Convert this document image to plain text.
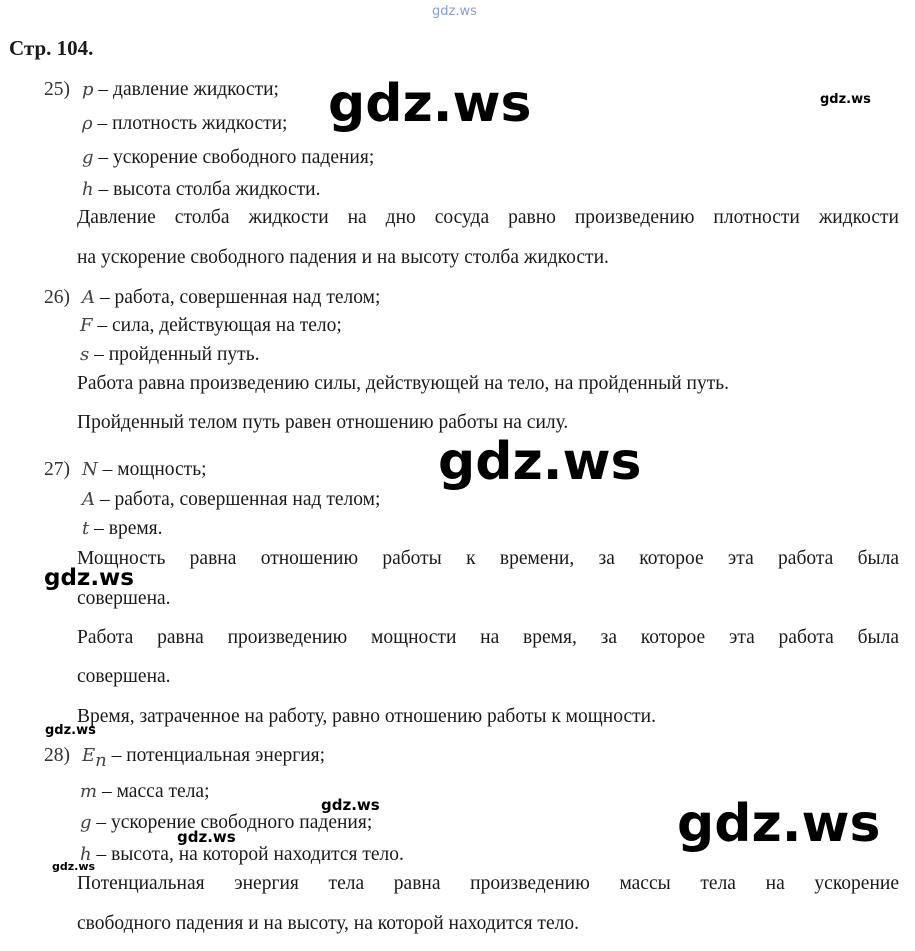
gdz.ws
Стр. 104.
25) p – давление жидкости;
ρ – плотность жидкости;
g – ускорение свободного падения;
h – высота столба жидкости.
Давление столба жидкости на дно сосуда равно произведению плотности жидкости
на ускорение свободного падения и на высоту столба жидкости.
26) A – работа, совершенная над телом;
F – сила, действующая на тело;
s – пройденный путь.
Работа равна произведению силы, действующей на тело, на пройденный путь.
Пройденный телом путь равен отношению работы на силу.
27) N – мощность;
A – работа, совершенная над телом;
t – время.
Мощность равна отношению работы к времени, за которое эта работа была
совершена.
Работа равна произведению мощности на время, за которое эта работа была
совершена.
Время, затраченное на работу, равно отношению работы к мощности.
28) $E_п$ – потенциальная энергия;
m – масса тела;
g – ускорение свободного падения;
h – высота, на которой находится тело.
Потенциальная энергия тела равна произведению массы тела на ускорение
свободного падения и на высоту, на которой находится тело.
gdz.ws	gdz.ws
gdz.ws
gdz.ws
gdz.ws
gdz.ws
gdz.ws
gdz.ws
gdz.ws
